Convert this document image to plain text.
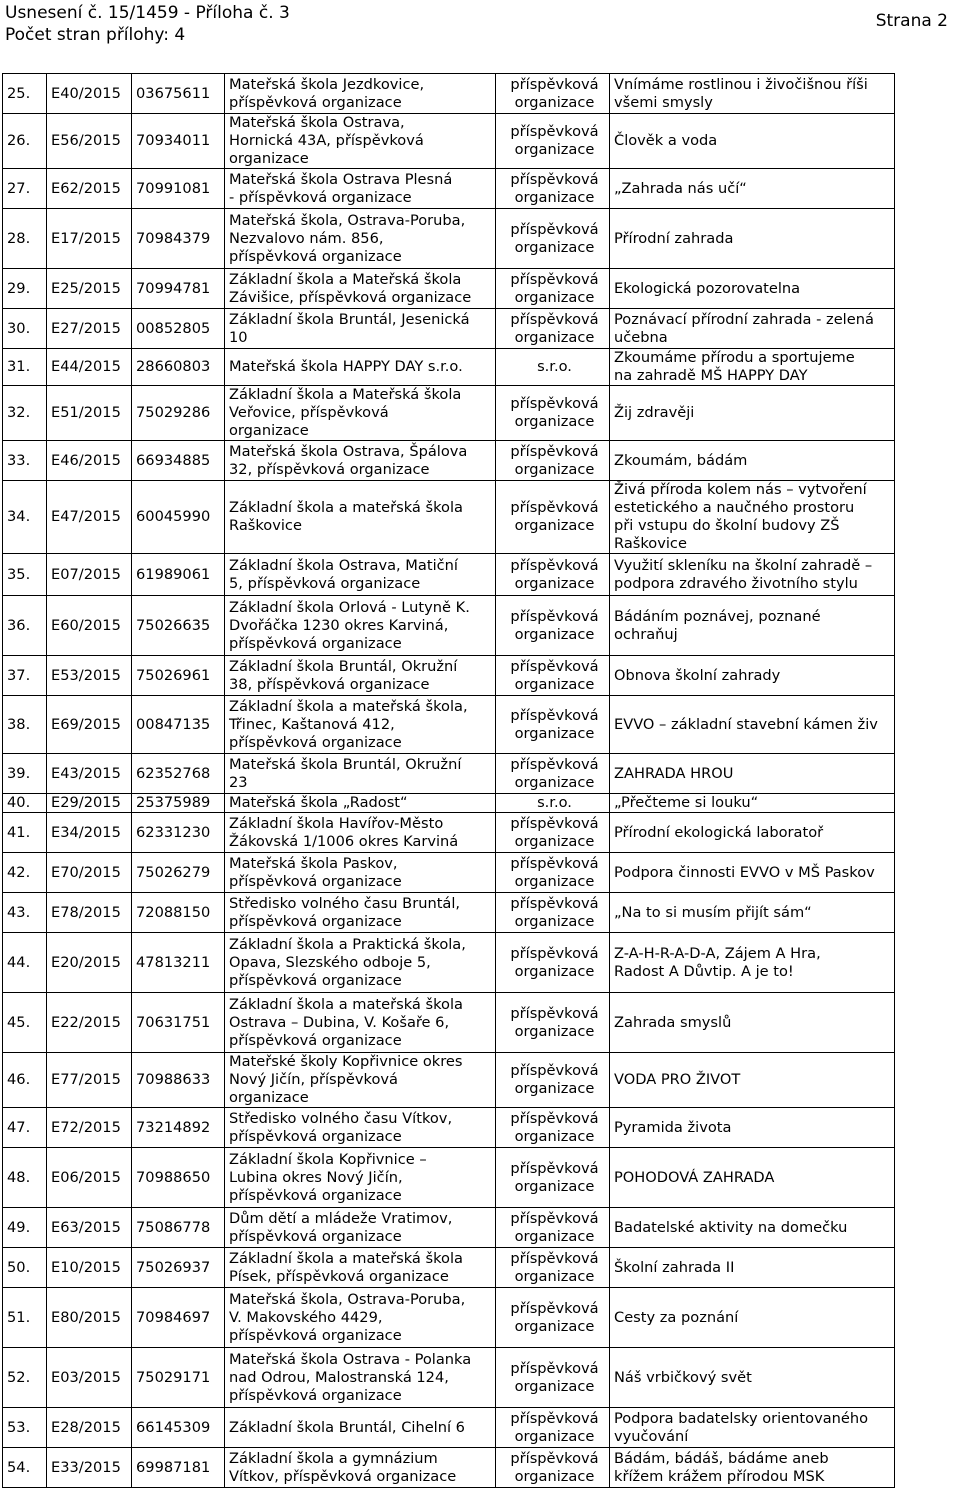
Usnesení č. 15/1459 - Příloha č. 3
Počet stran přílohy: 4
Strana 2
25.	E40/2015	03675611	Mateřská škola Jezdkovice,
příspěvková organizace	příspěvková
organizace	Vnímáme rostlinou i živočišnou říši
všemi smysly
26.	E56/2015	70934011	Mateřská škola Ostrava,
Hornická 43A, příspěvková
organizace	příspěvková
organizace	Člověk a voda
27.	E62/2015	70991081	Mateřská škola Ostrava Plesná
- příspěvková organizace	příspěvková
organizace	„Zahrada nás učí“
28.	E17/2015	70984379	Mateřská škola, Ostrava-Poruba,
Nezvalovo nám. 856,
příspěvková organizace	příspěvková
organizace	Přírodní zahrada
29.	E25/2015	70994781	Základní škola a Mateřská škola
Závišice, příspěvková organizace	příspěvková
organizace	Ekologická pozorovatelna
30.	E27/2015	00852805	Základní škola Bruntál, Jesenická
10	příspěvková
organizace	Poznávací přírodní zahrada - zelená
učebna
31.	E44/2015	28660803	Mateřská škola HAPPY DAY s.r.o.	s.r.o.	Zkoumáme přírodu a sportujeme
na zahradě MŠ HAPPY DAY
32.	E51/2015	75029286	Základní škola a Mateřská škola
Veřovice, příspěvková
organizace	příspěvková
organizace	Žij zdravěji
33.	E46/2015	66934885	Mateřská škola Ostrava, Špálova
32, příspěvková organizace	příspěvková
organizace	Zkoumám, bádám
34.	E47/2015	60045990	Základní škola a mateřská škola
Raškovice	příspěvková
organizace	Živá příroda kolem nás – vytvoření
estetického a naučného prostoru
při vstupu do školní budovy ZŠ
Raškovice
35.	E07/2015	61989061	Základní škola Ostrava, Matiční
5, příspěvková organizace	příspěvková
organizace	Využití skleníku na školní zahradě –
podpora zdravého životního stylu
36.	E60/2015	75026635	Základní škola Orlová - Lutyně K.
Dvořáčka 1230 okres Karviná,
příspěvková organizace	příspěvková
organizace	Bádáním poznávej, poznané
ochraňuj
37.	E53/2015	75026961	Základní škola Bruntál, Okružní
38, příspěvková organizace	příspěvková
organizace	Obnova školní zahrady
38.	E69/2015	00847135	Základní škola a mateřská škola,
Třinec, Kaštanová 412,
příspěvková organizace	příspěvková
organizace	EVVO – základní stavební kámen živ
39.	E43/2015	62352768	Mateřská škola Bruntál, Okružní
23	příspěvková
organizace	ZAHRADA HROU
40.	E29/2015	25375989	Mateřská škola „Radost“	s.r.o.	„Přečteme si louku“
41.	E34/2015	62331230	Základní škola Havířov-Město
Žákovská 1/1006 okres Karviná	příspěvková
organizace	Přírodní ekologická laboratoř
42.	E70/2015	75026279	Mateřská škola Paskov,
příspěvková organizace	příspěvková
organizace	Podpora činnosti EVVO v MŠ Paskov
43.	E78/2015	72088150	Středisko volného času Bruntál,
příspěvková organizace	příspěvková
organizace	„Na to si musím přijít sám“
44.	E20/2015	47813211	Základní škola a Praktická škola,
Opava, Slezského odboje 5,
příspěvková organizace	příspěvková
organizace	Z-A-H-R-A-D-A, Zájem A Hra,
Radost A Důvtip. A je to!
45.	E22/2015	70631751	Základní škola a mateřská škola
Ostrava – Dubina, V. Košaře 6,
příspěvková organizace	příspěvková
organizace	Zahrada smyslů
46.	E77/2015	70988633	Mateřské školy Kopřivnice okres
Nový Jičín, příspěvková
organizace	příspěvková
organizace	VODA PRO ŽIVOT
47.	E72/2015	73214892	Středisko volného času Vítkov,
příspěvková organizace	příspěvková
organizace	Pyramida života
48.	E06/2015	70988650	Základní škola Kopřivnice –
Lubina okres Nový Jičín,
příspěvková organizace	příspěvková
organizace	POHODOVÁ ZAHRADA
49.	E63/2015	75086778	Dům dětí a mládeže Vratimov,
příspěvková organizace	příspěvková
organizace	Badatelské aktivity na domečku
50.	E10/2015	75026937	Základní škola a mateřská škola
Písek, příspěvková organizace	příspěvková
organizace	Školní zahrada II
51.	E80/2015	70984697	Mateřská škola, Ostrava-Poruba,
V. Makovského 4429,
příspěvková organizace	příspěvková
organizace	Cesty za poznání
52.	E03/2015	75029171	Mateřská škola Ostrava - Polanka
nad Odrou, Malostranská 124,
příspěvková organizace	příspěvková
organizace	Náš vrbičkový svět
53.	E28/2015	66145309	Základní škola Bruntál, Cihelní 6	příspěvková
organizace	Podpora badatelsky orientovaného
vyučování
54.	E33/2015	69987181	Základní škola a gymnázium
Vítkov, příspěvková organizace	příspěvková
organizace	Bádám, bádáš, bádáme aneb
křížem krážem přírodou MSK
